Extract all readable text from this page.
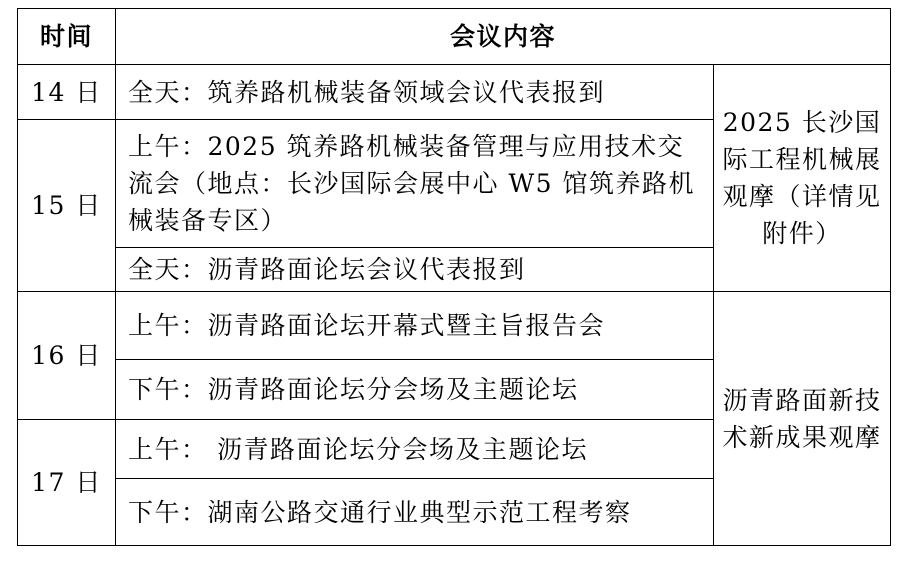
时间	会议内容	
14 日	全天：筑养路机械装备领域会议代表报到	2025 长沙国际工程机械展观摩（详情见附件）
15 日	上午：2025 筑养路机械装备管理与应用技术交流会（地点：长沙国际会展中心 W5 馆筑养路机械装备专区）	
	全天：沥青路面论坛会议代表报到	
16 日	上午：沥青路面论坛开幕式暨主旨报告会	沥青路面新技术新成果观摩
	下午：沥青路面论坛分会场及主题论坛	
17 日	上午： 沥青路面论坛分会场及主题论坛	
	下午：湖南公路交通行业典型示范工程考察	
